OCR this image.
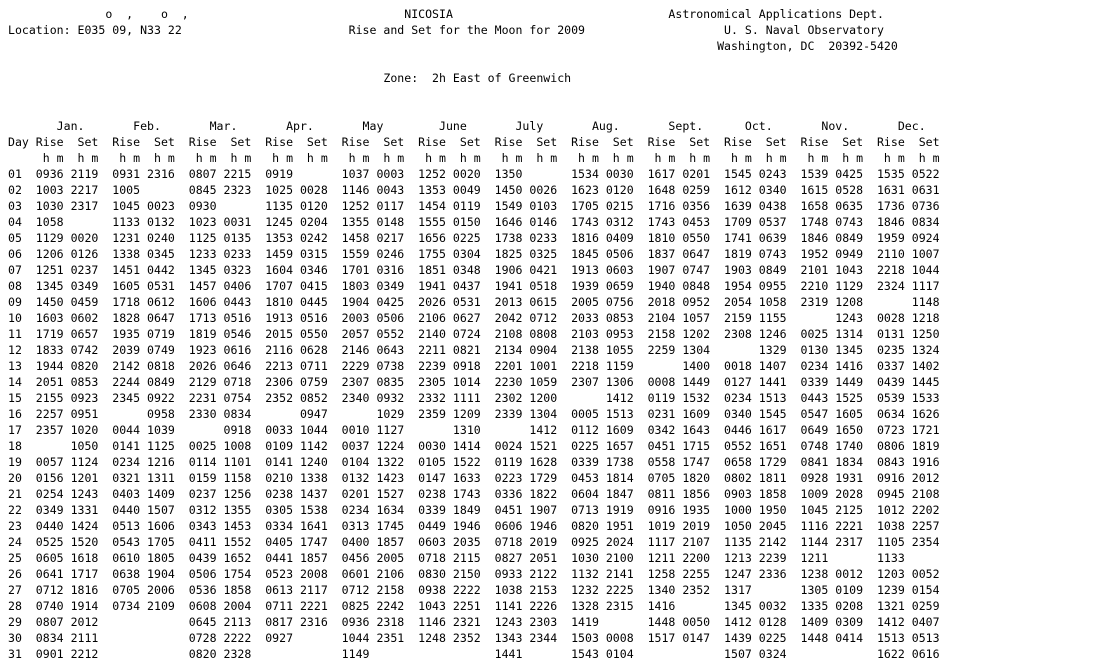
o  ,    o  ,                               NICOSIA                               Astronomical Applications Dept.
Location: E035 09, N33 22                        Rise and Set for the Moon for 2009                    U. S. Naval Observatory
Washington, DC  20392-5420

Zone:  2h East of Greenwich

Jan.       Feb.       Mar.       Apr.       May        June       July       Aug.       Sept.      Oct.       Nov.       Dec.
Day Rise  Set  Rise  Set  Rise  Set  Rise  Set  Rise  Set  Rise  Set  Rise  Set  Rise  Set  Rise  Set  Rise  Set  Rise  Set  Rise  Set
h m  h m   h m  h m   h m  h m   h m  h m   h m  h m   h m  h m   h m  h m   h m  h m   h m  h m   h m  h m   h m  h m   h m  h m
01  0936 2119  0931 2316  0807 2215  0919       1037 0003  1252 0020  1350       1534 0030  1617 0201  1545 0243  1539 0425  1535 0522
02  1003 2217  1005       0845 2323  1025 0028  1146 0043  1353 0049  1450 0026  1623 0120  1648 0259  1612 0340  1615 0528  1631 0631
03  1030 2317  1045 0023  0930       1135 0120  1252 0117  1454 0119  1549 0103  1705 0215  1716 0356  1639 0438  1658 0635  1736 0736
04  1058       1133 0132  1023 0031  1245 0204  1355 0148  1555 0150  1646 0146  1743 0312  1743 0453  1709 0537  1748 0743  1846 0834
05  1129 0020  1231 0240  1125 0135  1353 0242  1458 0217  1656 0225  1738 0233  1816 0409  1810 0550  1741 0639  1846 0849  1959 0924
06  1206 0126  1338 0345  1233 0233  1459 0315  1559 0246  1755 0304  1825 0325  1845 0506  1837 0647  1819 0743  1952 0949  2110 1007
07  1251 0237  1451 0442  1345 0323  1604 0346  1701 0316  1851 0348  1906 0421  1913 0603  1907 0747  1903 0849  2101 1043  2218 1044
08  1345 0349  1605 0531  1457 0406  1707 0415  1803 0349  1941 0437  1941 0518  1939 0659  1940 0848  1954 0955  2210 1129  2324 1117
09  1450 0459  1718 0612  1606 0443  1810 0445  1904 0425  2026 0531  2013 0615  2005 0756  2018 0952  2054 1058  2319 1208       1148
10  1603 0602  1828 0647  1713 0516  1913 0516  2003 0506  2106 0627  2042 0712  2033 0853  2104 1057  2159 1155       1243  0028 1218
11  1719 0657  1935 0719  1819 0546  2015 0550  2057 0552  2140 0724  2108 0808  2103 0953  2158 1202  2308 1246  0025 1314  0131 1250
12  1833 0742  2039 0749  1923 0616  2116 0628  2146 0643  2211 0821  2134 0904  2138 1055  2259 1304       1329  0130 1345  0235 1324
13  1944 0820  2142 0818  2026 0646  2213 0711  2229 0738  2239 0918  2201 1001  2218 1159       1400  0018 1407  0234 1416  0337 1402
14  2051 0853  2244 0849  2129 0718  2306 0759  2307 0835  2305 1014  2230 1059  2307 1306  0008 1449  0127 1441  0339 1449  0439 1445
15  2155 0923  2345 0922  2231 0754  2352 0852  2340 0932  2332 1111  2302 1200       1412  0119 1532  0234 1513  0443 1525  0539 1533
16  2257 0951       0958  2330 0834       0947       1029  2359 1209  2339 1304  0005 1513  0231 1609  0340 1545  0547 1605  0634 1626
17  2357 1020  0044 1039       0918  0033 1044  0010 1127       1310       1412  0112 1609  0342 1643  0446 1617  0649 1650  0723 1721
18       1050  0141 1125  0025 1008  0109 1142  0037 1224  0030 1414  0024 1521  0225 1657  0451 1715  0552 1651  0748 1740  0806 1819
19  0057 1124  0234 1216  0114 1101  0141 1240  0104 1322  0105 1522  0119 1628  0339 1738  0558 1747  0658 1729  0841 1834  0843 1916
20  0156 1201  0321 1311  0159 1158  0210 1338  0132 1423  0147 1633  0223 1729  0453 1814  0705 1820  0802 1811  0928 1931  0916 2012
21  0254 1243  0403 1409  0237 1256  0238 1437  0201 1527  0238 1743  0336 1822  0604 1847  0811 1856  0903 1858  1009 2028  0945 2108
22  0349 1331  0440 1507  0312 1355  0305 1538  0234 1634  0339 1849  0451 1907  0713 1919  0916 1935  1000 1950  1045 2125  1012 2202
23  0440 1424  0513 1606  0343 1453  0334 1641  0313 1745  0449 1946  0606 1946  0820 1951  1019 2019  1050 2045  1116 2221  1038 2257
24  0525 1520  0543 1705  0411 1552  0405 1747  0400 1857  0603 2035  0718 2019  0925 2024  1117 2107  1135 2142  1144 2317  1105 2354
25  0605 1618  0610 1805  0439 1652  0441 1857  0456 2005  0718 2115  0827 2051  1030 2100  1211 2200  1213 2239  1211       1133
26  0641 1717  0638 1904  0506 1754  0523 2008  0601 2106  0830 2150  0933 2122  1132 2141  1258 2255  1247 2336  1238 0012  1203 0052
27  0712 1816  0705 2006  0536 1858  0613 2117  0712 2158  0938 2222  1038 2153  1232 2225  1340 2352  1317       1305 0109  1239 0154
28  0740 1914  0734 2109  0608 2004  0711 2221  0825 2242  1043 2251  1141 2226  1328 2315  1416       1345 0032  1335 0208  1321 0259
29  0807 2012             0645 2113  0817 2316  0936 2318  1146 2321  1243 2303  1419       1448 0050  1412 0128  1409 0309  1412 0407
30  0834 2111             0728 2222  0927       1044 2351  1248 2352  1343 2344  1503 0008  1517 0147  1439 0225  1448 0414  1513 0513
31  0901 2212             0820 2328             1149                  1441       1543 0104             1507 0324             1622 0616
